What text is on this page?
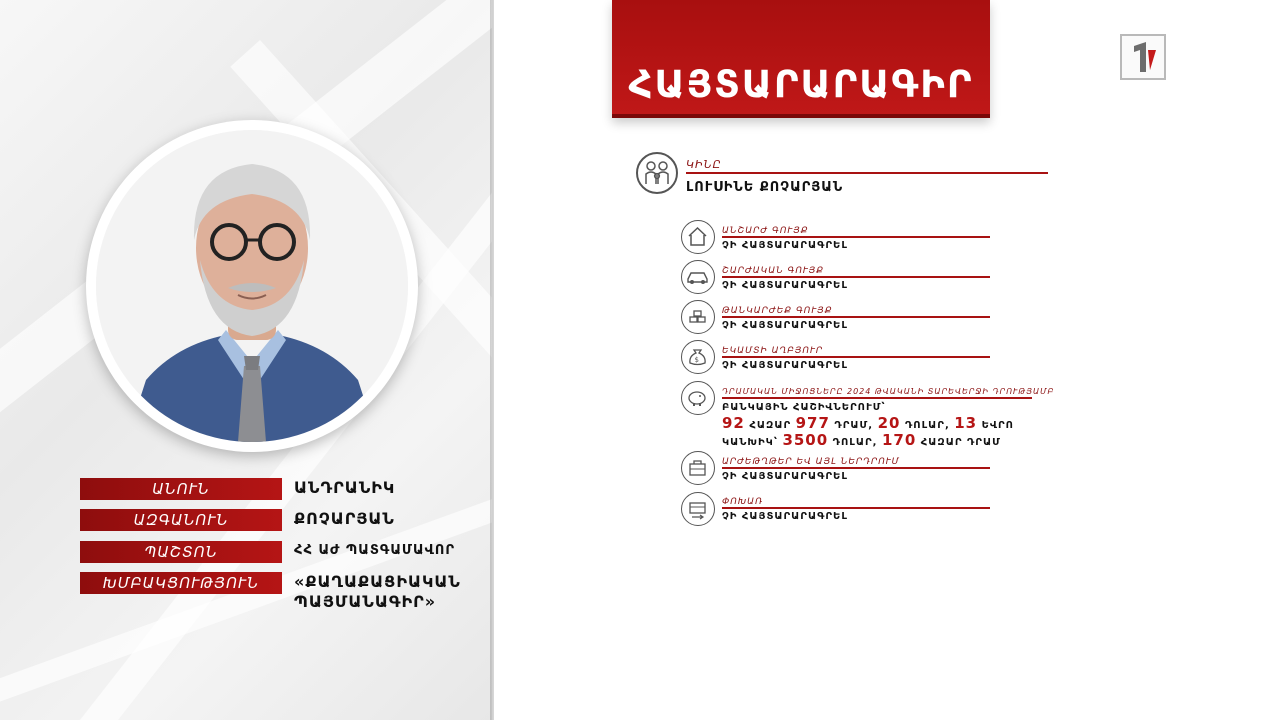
ԱՆՈՒՆ	ԱՆԴՐԱՆԻԿ
ԱԶԳԱՆՈՒՆ	ՔՈՉԱՐՅԱՆ
ՊԱՇՏՈՆ	ՀՀ ԱԺ ՊԱՏԳԱՄԱՎՈՐ
ԽՄԲԱԿՑՈՒԹՅՈՒՆ	«ՔԱՂԱՔԱՑԻԱԿԱՆ
ՊԱՅՄԱՆԱԳԻՐ»
ՀԱՅՏԱՐԱՐԱԳԻՐ
ԿԻՆԸ
ԼՈՒՍԻՆԵ ՔՈՉԱՐՅԱՆ
ԱՆՇԱՐԺ ԳՈՒՅՔ
ՉԻ ՀԱՅՏԱՐԱՐԱԳՐԵԼ
ՇԱՐԺԱԿԱՆ ԳՈՒՅՔ
ՉԻ ՀԱՅՏԱՐԱՐԱԳՐԵԼ
ԹԱՆԿԱՐԺԵՔ ԳՈՒՅՔ
ՉԻ ՀԱՅՏԱՐԱՐԱԳՐԵԼ
$
ԵԿԱՄՏԻ ԱՂԲՅՈՒՐ
ՉԻ ՀԱՅՏԱՐԱՐԱԳՐԵԼ
ԴՐԱՄԱԿԱՆ ՄԻՋՈՑՆԵՐԸ 2024 ԹՎԱԿԱՆԻ ՏԱՐԵՎԵՐՋԻ ԴՐՈՒԹՅԱՄԲ
ԲԱՆԿԱՅԻՆ ՀԱՇԻՎՆԵՐՈՒՄ՝
92 ՀԱԶԱՐ 977 ԴՐԱՄ, 20 ԴՈԼԱՐ, 13 ԵՎՐՈ
ԿԱՆԽԻԿ՝ 3500 ԴՈԼԱՐ, 170 ՀԱԶԱՐ ԴՐԱՄ
ԱՐԺԵԹՂԹԵՐ ԵՎ ԱՅԼ ՆԵՐԴՐՈՒՄ
ՉԻ ՀԱՅՏԱՐԱՐԱԳՐԵԼ
ՓՈԽԱՌ
ՉԻ ՀԱՅՏԱՐԱՐԱԳՐԵԼ
